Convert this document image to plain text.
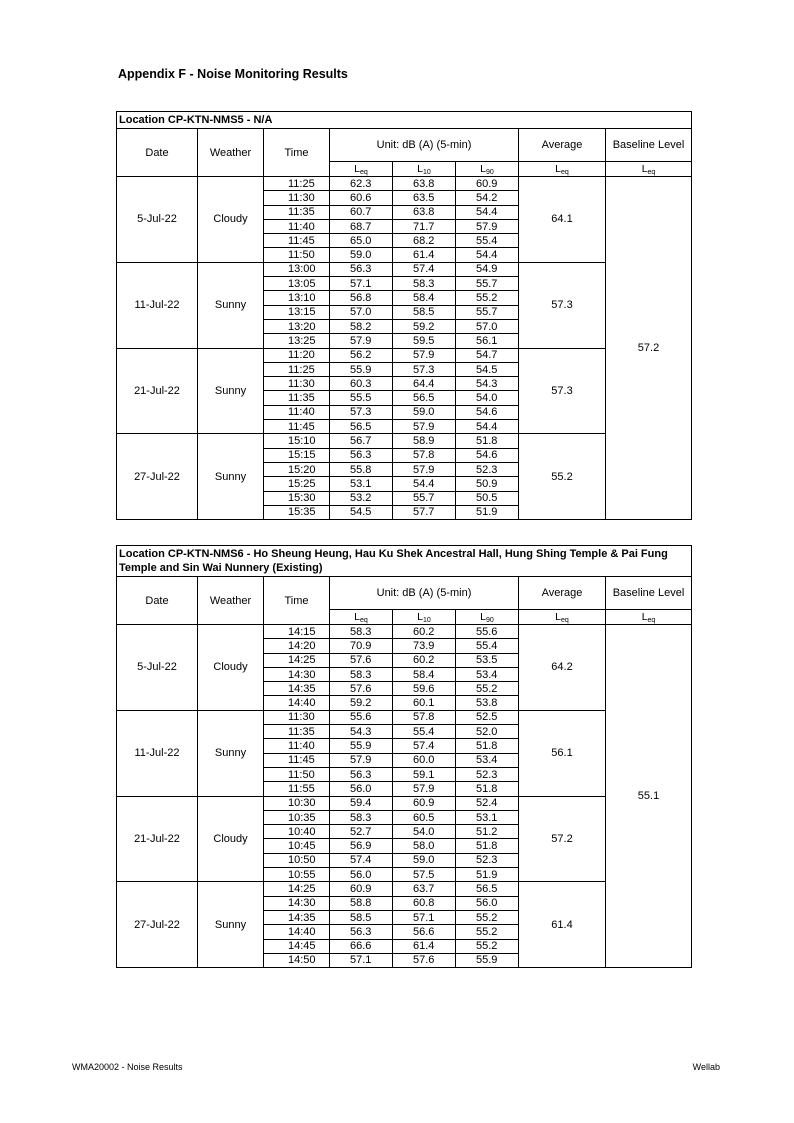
Appendix F - Noise Monitoring Results
Location CP-KTN-NMS5 - N/A							
Date	Weather	Time	Unit: dB (A) (5-min)			Average	Baseline Level
			$L_{eq}$	$L_{10}$	$L_{90}$	$L_{eq}$	$L_{eq}$
5-Jul-22	Cloudy	11:25	62.3	63.8	60.9	64.1	57.2
		11:30	60.6	63.5	54.2		
		11:35	60.7	63.8	54.4		
		11:40	68.7	71.7	57.9		
		11:45	65.0	68.2	55.4		
		11:50	59.0	61.4	54.4		
11-Jul-22	Sunny	13:00	56.3	57.4	54.9	57.3	
		13:05	57.1	58.3	55.7		
		13:10	56.8	58.4	55.2		
		13:15	57.0	58.5	55.7		
		13:20	58.2	59.2	57.0		
		13:25	57.9	59.5	56.1		
21-Jul-22	Sunny	11:20	56.2	57.9	54.7	57.3	
		11:25	55.9	57.3	54.5		
		11:30	60.3	64.4	54.3		
		11:35	55.5	56.5	54.0		
		11:40	57.3	59.0	54.6		
		11:45	56.5	57.9	54.4		
27-Jul-22	Sunny	15:10	56.7	58.9	51.8	55.2	
		15:15	56.3	57.8	54.6		
		15:20	55.8	57.9	52.3		
		15:25	53.1	54.4	50.9		
		15:30	53.2	55.7	50.5		
		15:35	54.5	57.7	51.9		
Location CP-KTN-NMS6 - Ho Sheung Heung, Hau Ku Shek Ancestral Hall, Hung Shing Temple & Pai Fung Temple and Sin Wai Nunnery (Existing)							
Date	Weather	Time	Unit: dB (A) (5-min)			Average	Baseline Level
			$L_{eq}$	$L_{10}$	$L_{90}$	$L_{eq}$	$L_{eq}$
5-Jul-22	Cloudy	14:15	58.3	60.2	55.6	64.2	55.1
		14:20	70.9	73.9	55.4		
		14:25	57.6	60.2	53.5		
		14:30	58.3	58.4	53.4		
		14:35	57.6	59.6	55.2		
		14:40	59.2	60.1	53.8		
11-Jul-22	Sunny	11:30	55.6	57.8	52.5	56.1	
		11:35	54.3	55.4	52.0		
		11:40	55.9	57.4	51.8		
		11:45	57.9	60.0	53.4		
		11:50	56.3	59.1	52.3		
		11:55	56.0	57.9	51.8		
21-Jul-22	Cloudy	10:30	59.4	60.9	52.4	57.2	
		10:35	58.3	60.5	53.1		
		10:40	52.7	54.0	51.2		
		10:45	56.9	58.0	51.8		
		10:50	57.4	59.0	52.3		
		10:55	56.0	57.5	51.9		
27-Jul-22	Sunny	14:25	60.9	63.7	56.5	61.4	
		14:30	58.8	60.8	56.0		
		14:35	58.5	57.1	55.2		
		14:40	56.3	56.6	55.2		
		14:45	66.6	61.4	55.2		
		14:50	57.1	57.6	55.9		
WMA20002 - Noise Results	Wellab
